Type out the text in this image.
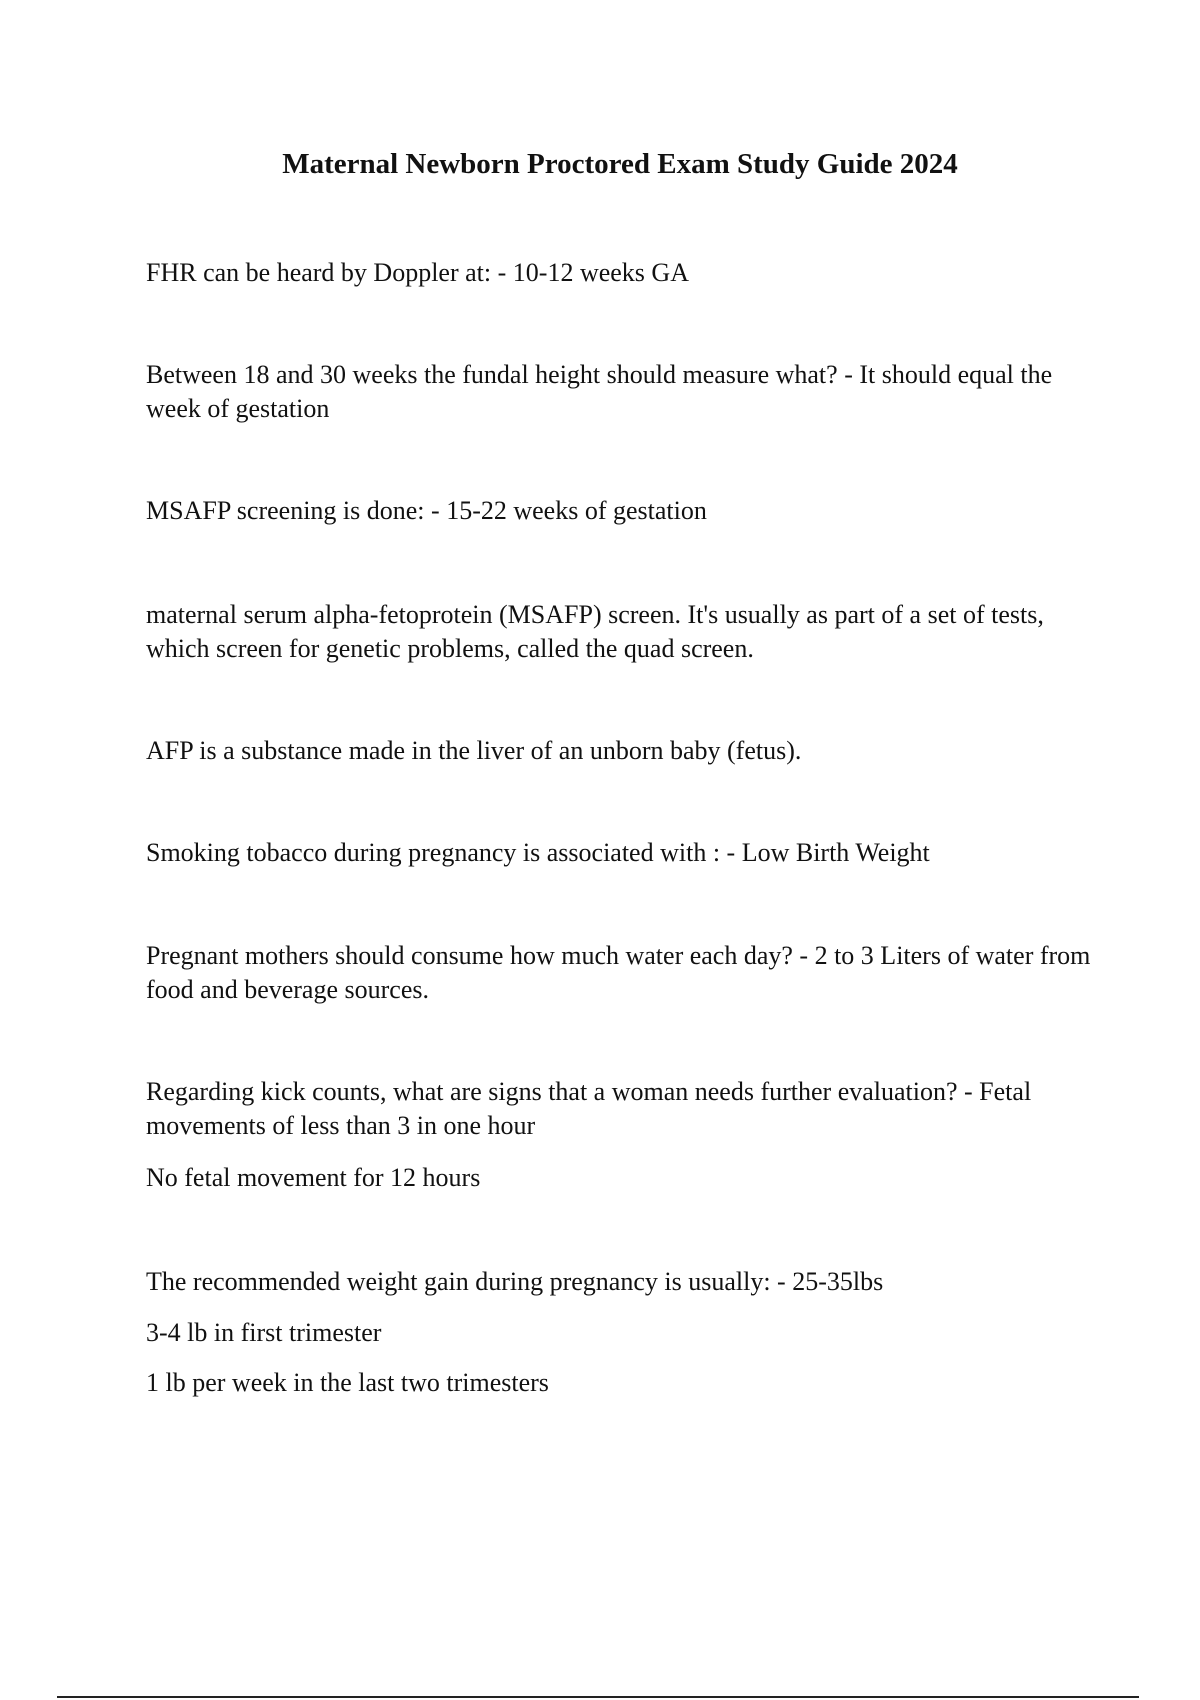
Maternal Newborn Proctored Exam Study Guide 2024

FHR can be heard by Doppler at: - 10-12 weeks GA

Between 18 and 30 weeks the fundal height should measure what? - It should equal the week of gestation

MSAFP screening is done: - 15-22 weeks of gestation

maternal serum alpha-fetoprotein (MSAFP) screen. It's usually as part of a set of tests, which screen for genetic problems, called the quad screen.

AFP is a substance made in the liver of an unborn baby (fetus).

Smoking tobacco during pregnancy is associated with : - Low Birth Weight

Pregnant mothers should consume how much water each day? - 2 to 3 Liters of water from food and beverage sources.

Regarding kick counts, what are signs that a woman needs further evaluation? - Fetal movements of less than 3 in one hour

No fetal movement for 12 hours

The recommended weight gain during pregnancy is usually: - 25-35lbs

3-4 lb in first trimester

1 lb per week in the last two trimesters
